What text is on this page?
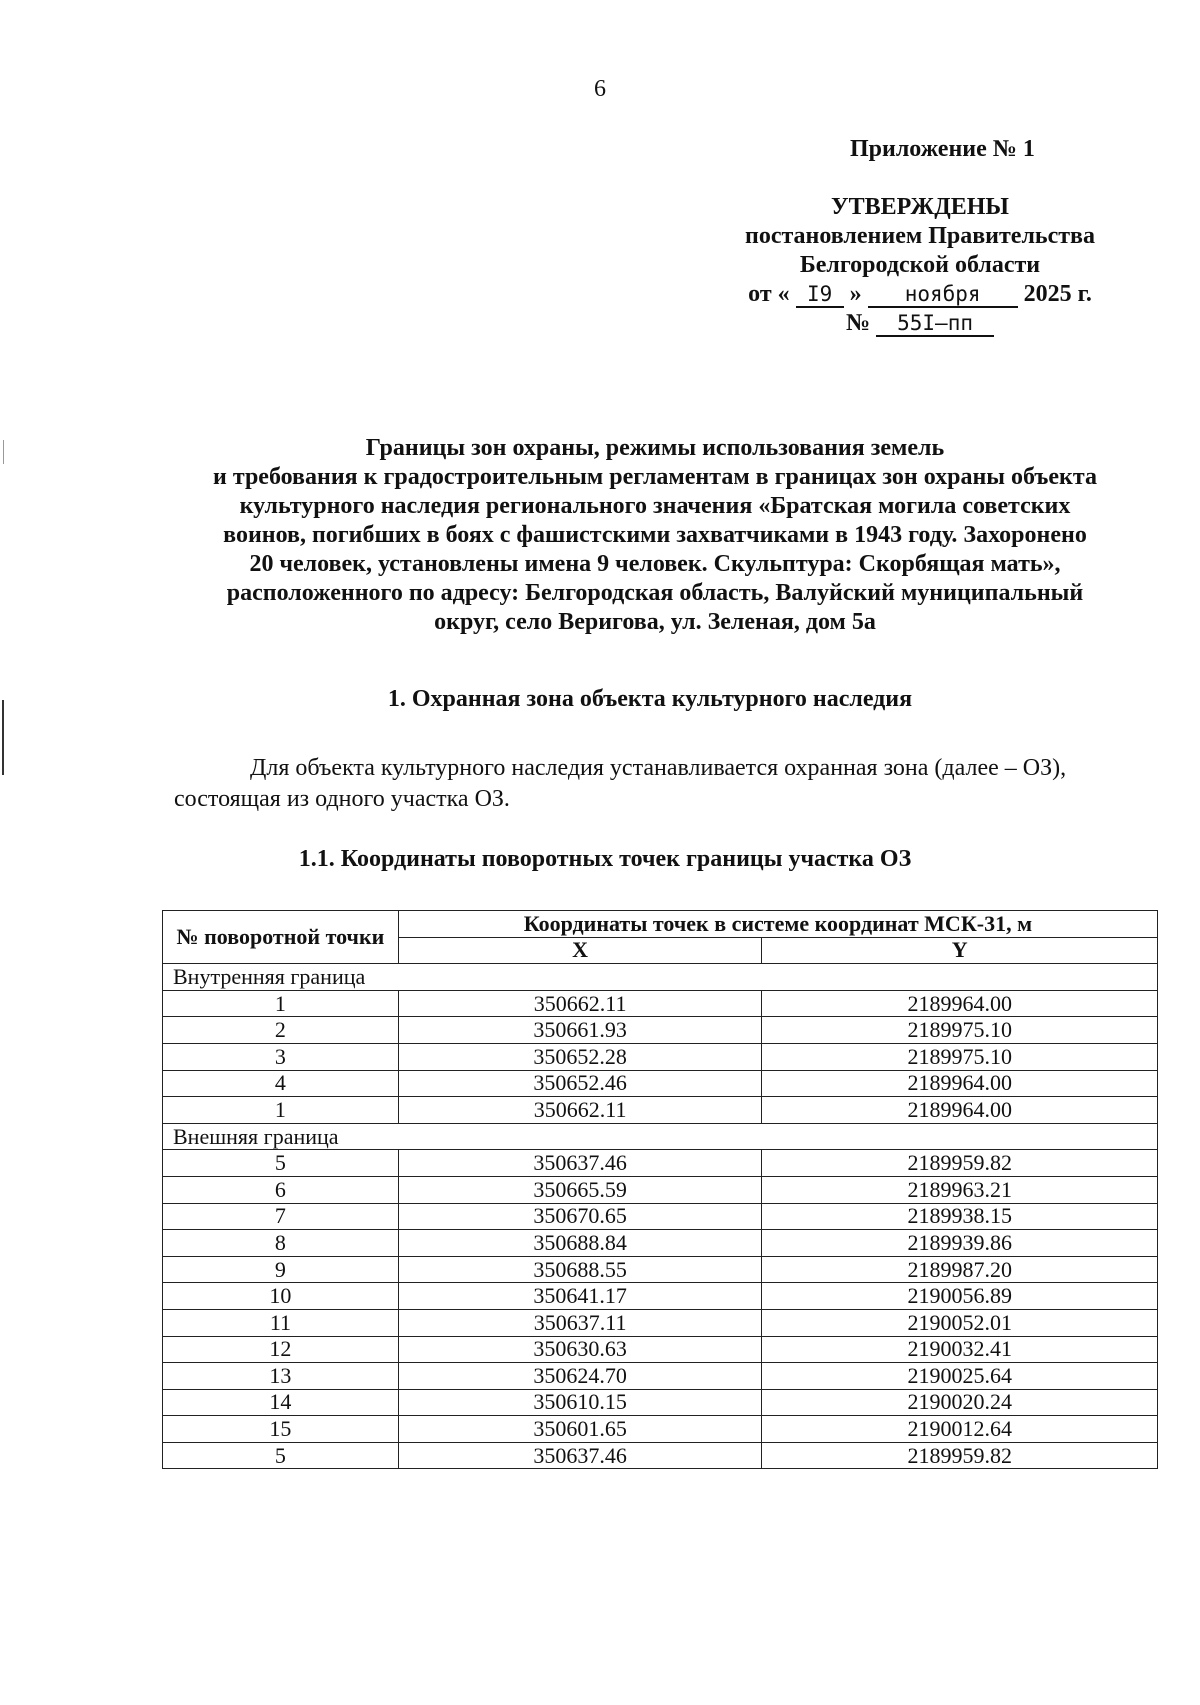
6
Приложение № 1
УТВЕРЖДЕНЫ
постановлением Правительства
Белгородской области
от « I9 » ноября 2025 г.
№ 55I–пп
Границы зон охраны, режимы использования земель
и требования к градостроительным регламентам в границах зон охраны объекта
культурного наследия регионального значения «Братская могила советских
воинов, погибших в боях с фашистскими захватчиками в 1943 году. Захоронено
20 человек, установлены имена 9 человек. Скульптура: Скорбящая мать»,
расположенного по адресу: Белгородская область, Валуйский муниципальный
округ, село Веригова, ул. Зеленая, дом 5а
1. Охранная зона объекта культурного наследия
Для объекта культурного наследия устанавливается охранная зона (далее – ОЗ),
состоящая из одного участка ОЗ.
1.1. Координаты поворотных точек границы участка ОЗ
№ поворотной точки	Координаты точек в системе координат МСК-31, м	
	X	Y
Внутренняя граница		
1	350662.11	2189964.00
2	350661.93	2189975.10
3	350652.28	2189975.10
4	350652.46	2189964.00
1	350662.11	2189964.00
Внешняя граница		
5	350637.46	2189959.82
6	350665.59	2189963.21
7	350670.65	2189938.15
8	350688.84	2189939.86
9	350688.55	2189987.20
10	350641.17	2190056.89
11	350637.11	2190052.01
12	350630.63	2190032.41
13	350624.70	2190025.64
14	350610.15	2190020.24
15	350601.65	2190012.64
5	350637.46	2189959.82
